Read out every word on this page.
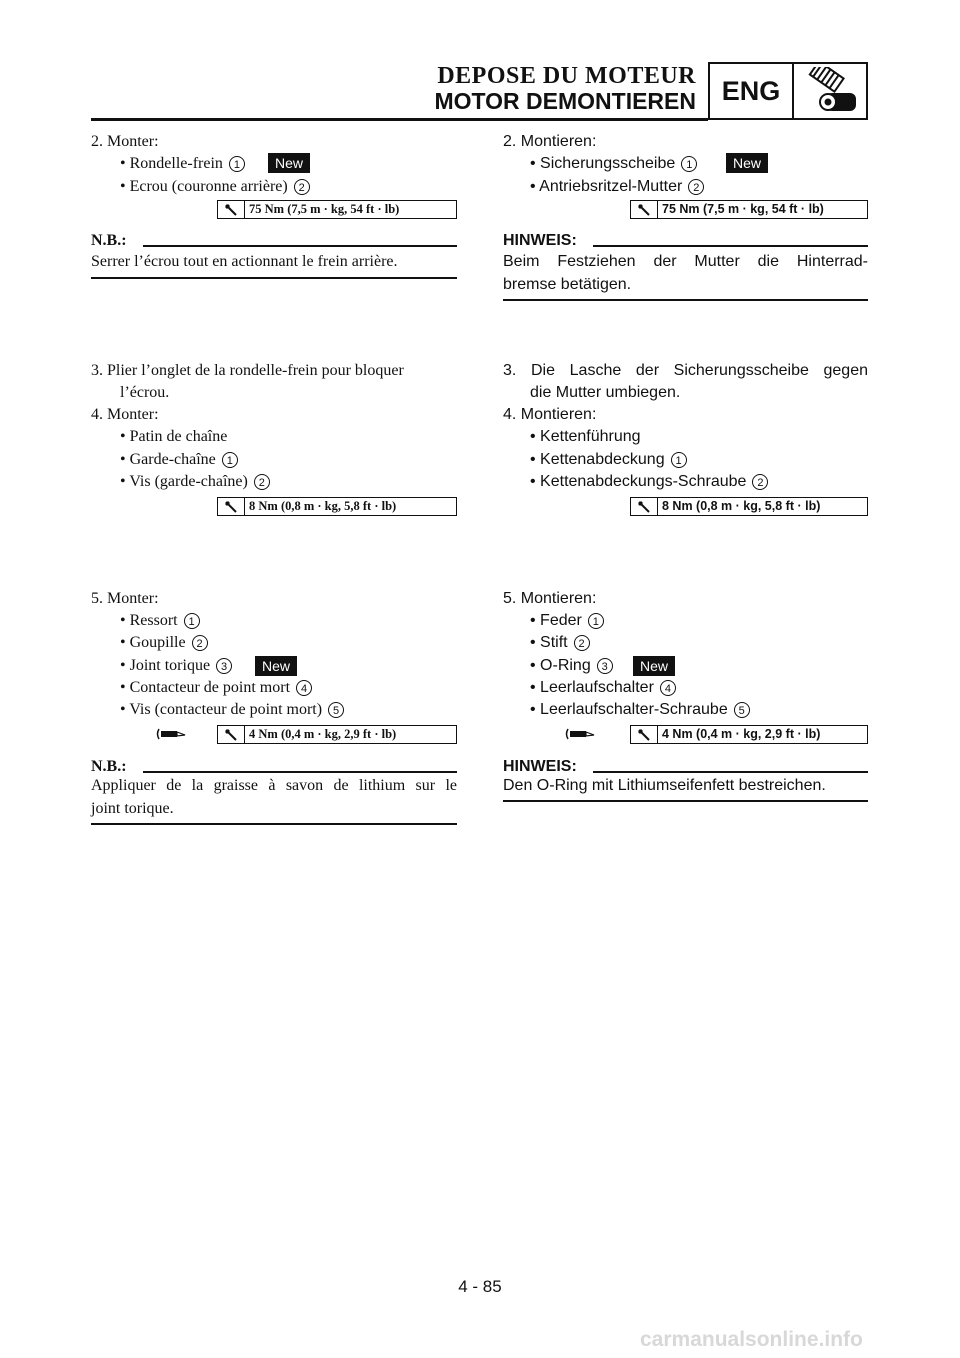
DEPOSE DU MOTEUR
MOTOR DEMONTIEREN ENG
2. Monter:
• Rondelle-frein 1	New
• Ecrou (couronne arrière) 2
75 Nm (7,5 m · kg, 54 ft · lb)
N.B.:
Serrer l’écrou tout en actionnant le frein arrière.
3. Plier l’onglet de la rondelle-frein pour bloquer
l’écrou.
4. Monter:
• Patin de chaîne
• Garde-chaîne 1
• Vis (garde-chaîne) 2
8 Nm (0,8 m · kg, 5,8 ft · lb)
5. Monter:
• Ressort 1
• Goupille 2
• Joint torique 3	New
• Contacteur de point mort 4
• Vis (contacteur de point mort) 5
4 Nm (0,4 m · kg, 2,9 ft · lb)
N.B.:
Appliquer de la graisse à savon de lithium sur le
joint torique.
2. Montieren:
• Sicherungsscheibe 1	New
• Antriebsritzel-Mutter 2
75 Nm (7,5 m · kg, 54 ft · lb)
HINWEIS:
Beim Festziehen der Mutter die Hinterrad-
bremse betätigen.
3. Die Lasche der Sicherungsscheibe gegen
die Mutter umbiegen.
4. Montieren:
• Kettenführung
• Kettenabdeckung 1
• Kettenabdeckungs-Schraube 2
8 Nm (0,8 m · kg, 5,8 ft · lb)
5. Montieren:
• Feder 1
• Stift 2
• O-Ring 3	New
• Leerlaufschalter 4
• Leerlaufschalter-Schraube 5
4 Nm (0,4 m · kg, 2,9 ft · lb)
HINWEIS:
Den O-Ring mit Lithiumseifenfett bestreichen.
4 - 85
carmanualsonline.info
